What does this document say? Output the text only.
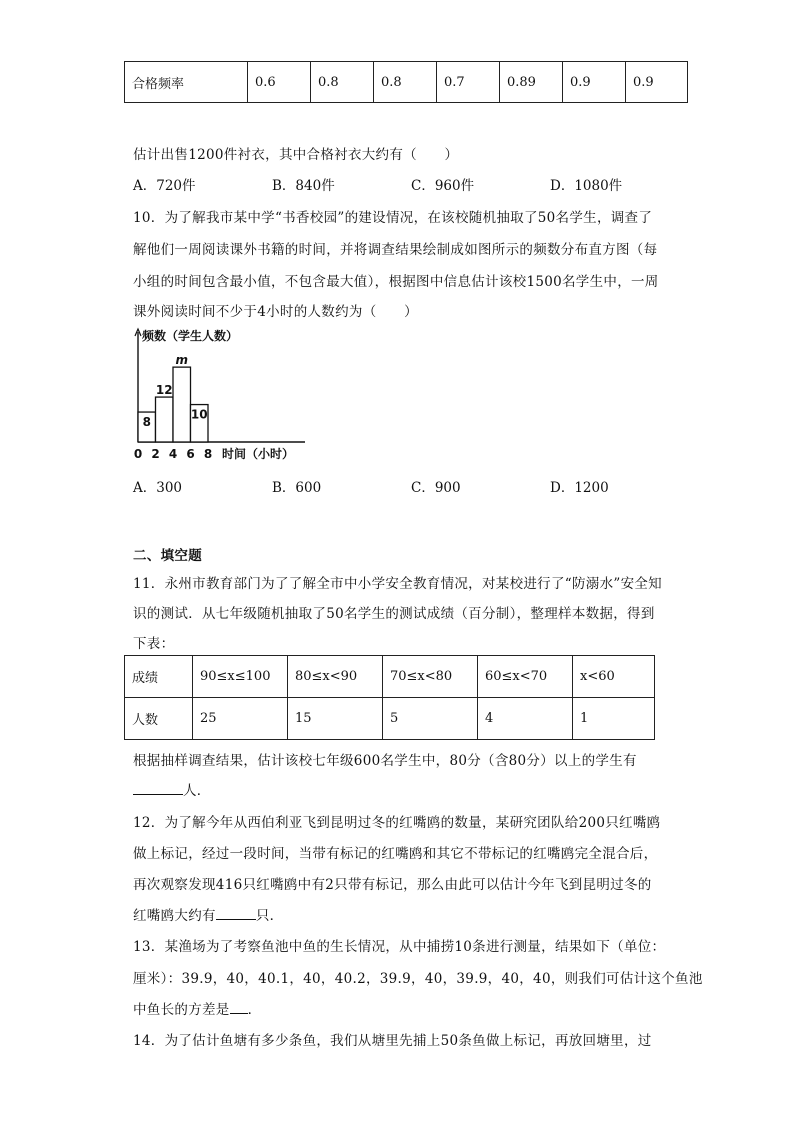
合格频率	0.6	0.8	0.8	0.7	0.89	0.9	0.9
估计出售1200件衬衣，其中合格衬衣大约有（　　）
A．720件	B．840件	C．960件	D．1080件
10．为了解我市某中学“书香校园”的建设情况，在该校随机抽取了50名学生，调查了
解他们一周阅读课外书籍的时间，并将调查结果绘制成如图所示的频数分布直方图（每
小组的时间包含最小值，不包含最大值），根据图中信息估计该校1500名学生中，一周
课外阅读时间不少于4小时的人数约为（　　）
频数（学生人数）
8
12
m
10
0 2 4 6 8 时间（小时）
A．300	B．600	C．900	D．1200
二、填空题
11．永州市教育部门为了了解全市中小学安全教育情况，对某校进行了“防溺水”安全知
识的测试．从七年级随机抽取了50名学生的测试成绩（百分制），整理样本数据，得到
下表：
成绩	90≤x≤100	80≤x<90	70≤x<80	60≤x<70	x<60
人数	25	15	5	4	1
根据抽样调查结果，估计该校七年级600名学生中，80分（含80分）以上的学生有
人．
12．为了解今年从西伯利亚飞到昆明过冬的红嘴鸥的数量，某研究团队给200只红嘴鸥
做上标记，经过一段时间，当带有标记的红嘴鸥和其它不带标记的红嘴鸥完全混合后，
再次观察发现416只红嘴鸥中有2只带有标记，那么由此可以估计今年飞到昆明过冬的
红嘴鸥大约有	只．
13．某渔场为了考察鱼池中鱼的生长情况，从中捕捞10条进行测量，结果如下（单位：
厘米）：39.9，40，40.1，40，40.2，39.9，40，39.9，40，40，则我们可估计这个鱼池
中鱼长的方差是 ．
14．为了估计鱼塘有多少条鱼，我们从塘里先捕上50条鱼做上标记，再放回塘里，过
